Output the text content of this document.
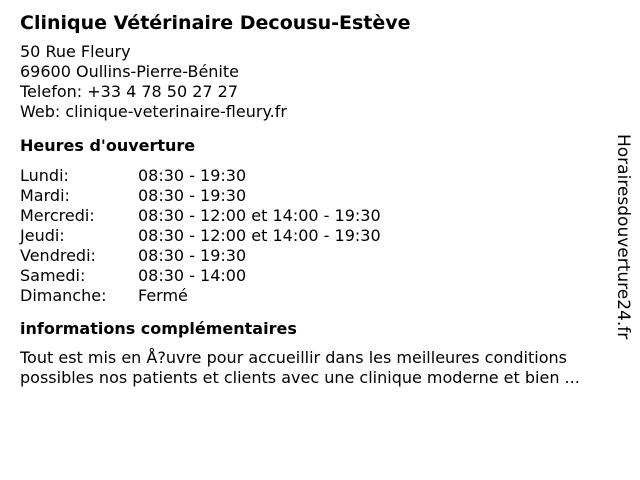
Clinique Vétérinaire Decousu-Estève
50 Rue Fleury
69600 Oullins-Pierre-Bénite
Telefon: +33 4 78 50 27 27
Web: clinique-veterinaire-fleury.fr
Heures d'ouverture
Lundi:	08:30 - 19:30
Mardi:	08:30 - 19:30
Mercredi:	08:30 - 12:00 et 14:00 - 19:30
Jeudi:	08:30 - 12:00 et 14:00 - 19:30
Vendredi:	08:30 - 19:30
Samedi:	08:30 - 14:00
Dimanche:	Fermé
informations complémentaires
Tout est mis en Å?uvre pour accueillir dans les meilleures conditions
possibles nos patients et clients avec une clinique moderne et bien ...
Horairesdouverture24.fr
